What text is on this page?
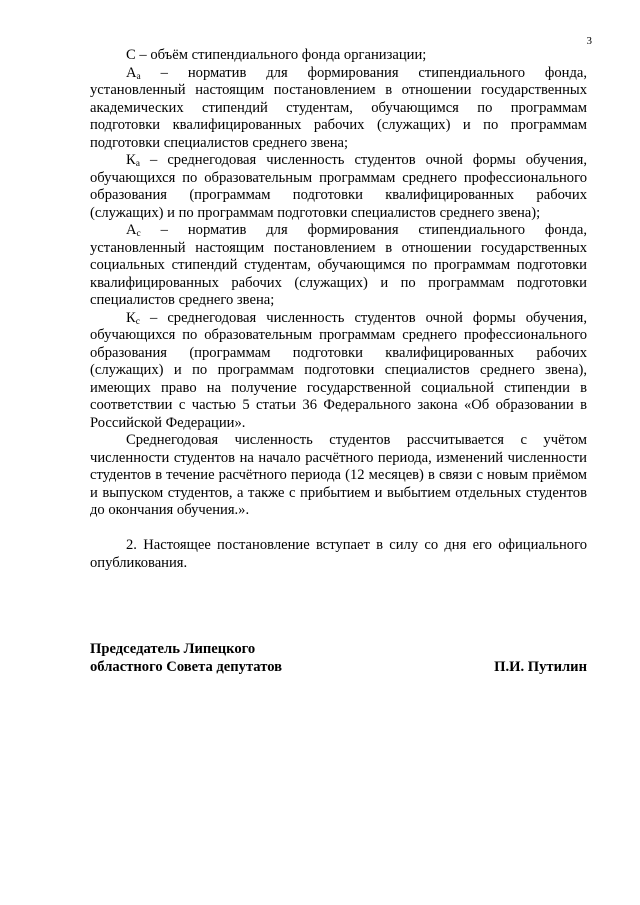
3

C – объём стипендиального фонда организации;

$А_а$ – норматив для формирования стипендиального фонда, установленный настоящим постановлением в отношении государственных академических стипендий студентам, обучающимся по программам подготовки квалифицированных рабочих (служащих) и по программам подготовки специалистов среднего звена;

$К_а$ – среднегодовая численность студентов очной формы обучения, обучающихся по образовательным программам среднего профессионального образования (программам подготовки квалифицированных рабочих (служащих) и по программам подготовки специалистов среднего звена);

$А_с$ – норматив для формирования стипендиального фонда, установленный настоящим постановлением в отношении государственных социальных стипендий студентам, обучающимся по программам подготовки квалифицированных рабочих (служащих) и по программам подготовки специалистов среднего звена;

$К_с$ – среднегодовая численность студентов очной формы обучения, обучающихся по образовательным программам среднего профессионального образования (программам подготовки квалифицированных рабочих (служащих) и по программам подготовки специалистов среднего звена), имеющих право на получение государственной социальной стипендии в соответствии с частью 5 статьи 36 Федерального закона «Об образовании в Российской Федерации».

Среднегодовая численность студентов рассчитывается с учётом численности студентов на начало расчётного периода, изменений численности студентов в течение расчётного периода (12 месяцев) в связи с новым приёмом и выпуском студентов, а также с прибытием и выбытием отдельных студентов до окончания обучения.».

2. Настоящее постановление вступает в силу со дня его официального опубликования.

Председатель Липецкого
областного Совета депутатов	П.И. Путилин
